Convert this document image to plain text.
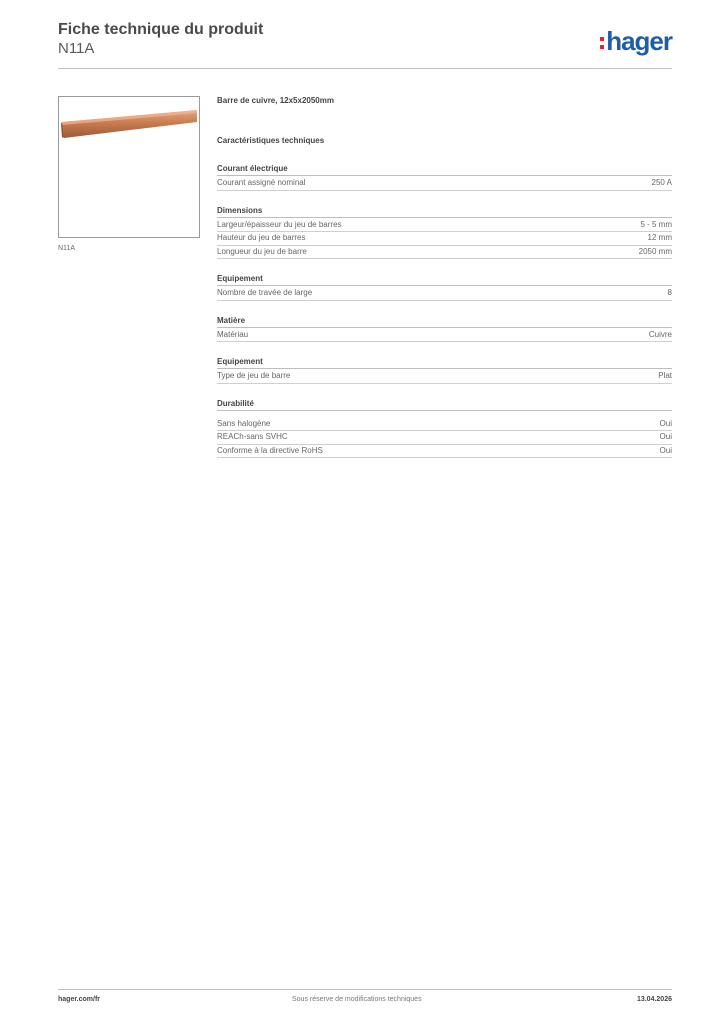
Fiche technique du produit

N11A	hager
N11A

Barre de cuivre, 12x5x2050mm

Caractéristiques techniques

Courant électrique
Courant assigné nominal	250 A
Dimensions
Largeur/épaisseur du jeu de barres	5 - 5 mm
Hauteur du jeu de barres	12 mm
Longueur du jeu de barre	2050 mm
Equipement
Nombre de travée de large	8
Matière
Matériau	Cuivre
Equipement
Type de jeu de barre	Plat
Durabilité
Sans halogène	Oui
REACh-sans SVHC	Oui
Conforme à la directive RoHS	Oui
hager.com/fr	Sous réserve de modifications techniques	13.04.2026
